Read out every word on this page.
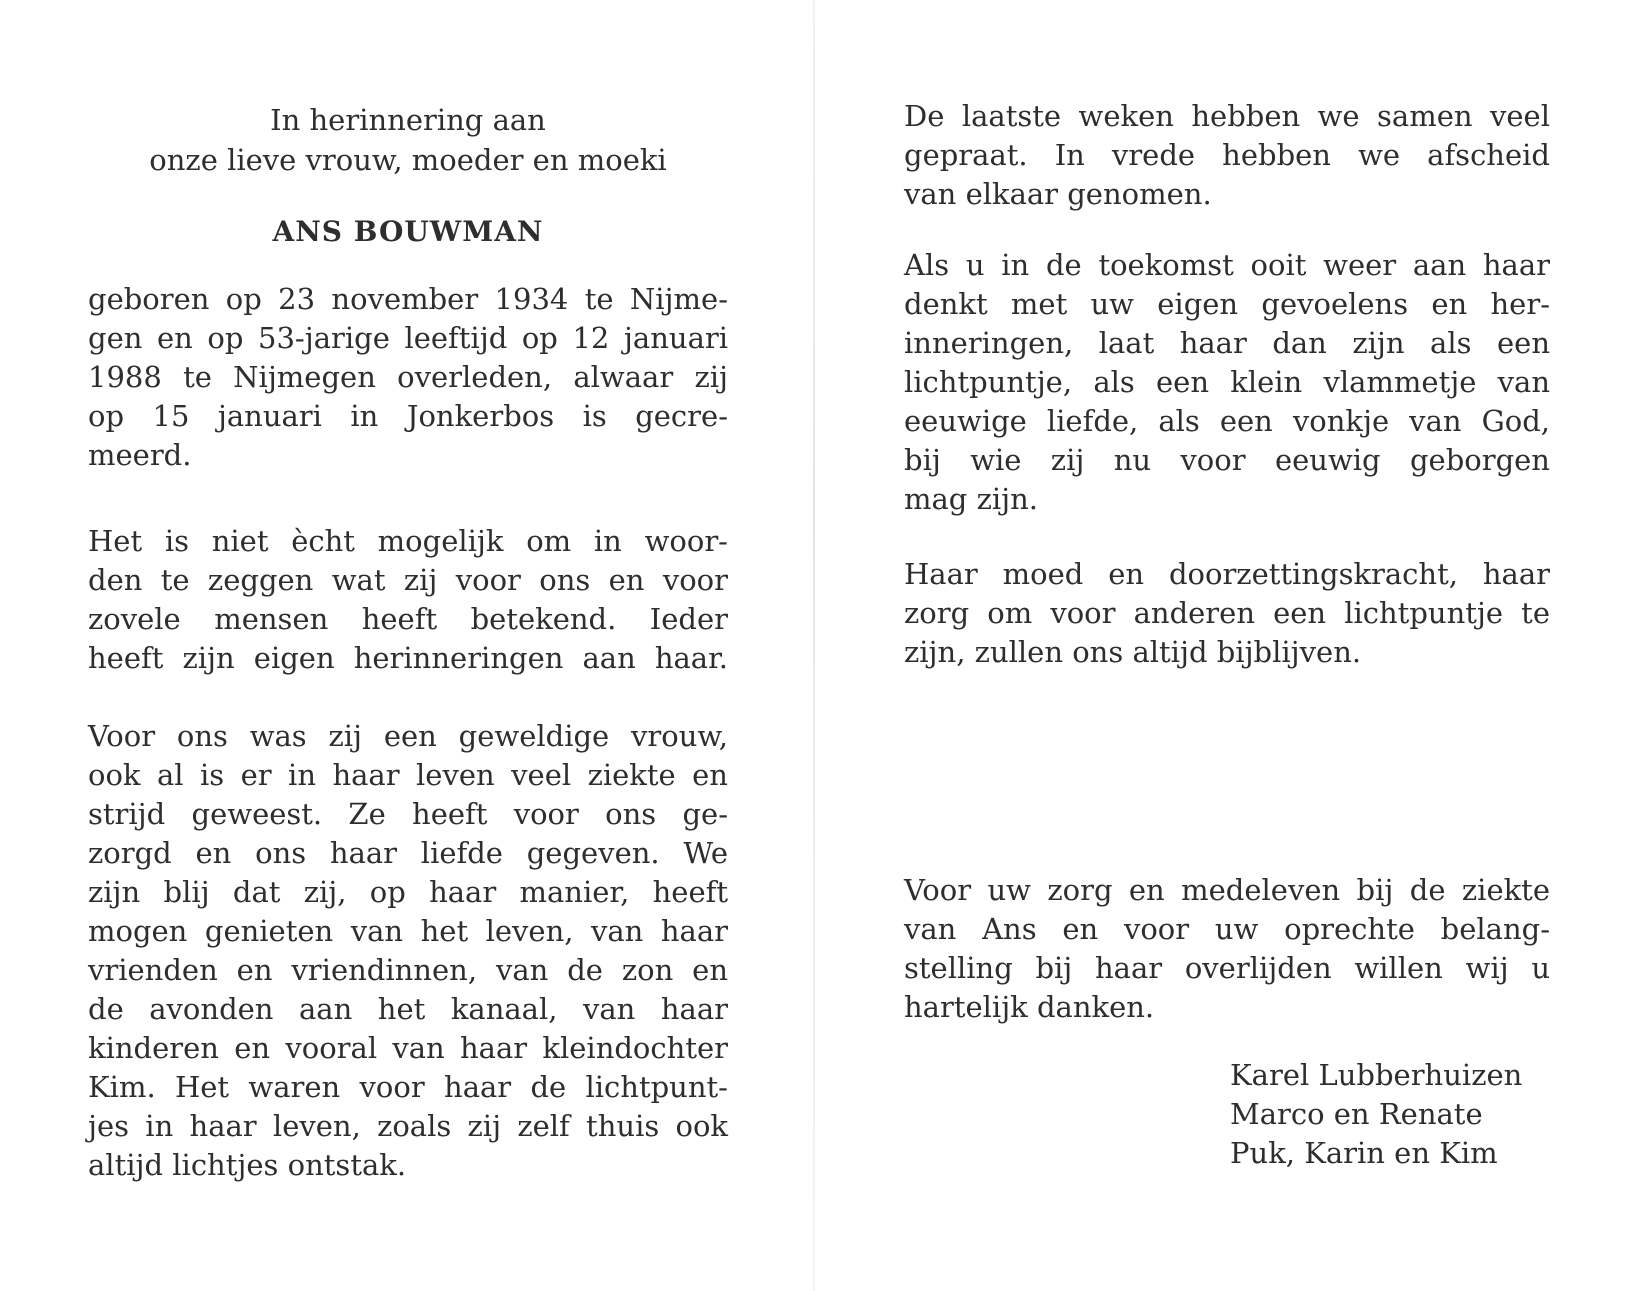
In herinnering aan
onze lieve vrouw, moeder en moeki
ANS BOUWMAN
geboren op 23 november 1934 te Nijme-
gen en op 53-jarige leeftijd op 12 januari
1988 te Nijmegen overleden, alwaar zij
op 15 januari in Jonkerbos is gecre-
meerd.
Het is niet ècht mogelijk om in woor-
den te zeggen wat zij voor ons en voor
zovele mensen heeft betekend. Ieder
heeft zijn eigen herinneringen aan haar.
Voor ons was zij een geweldige vrouw,
ook al is er in haar leven veel ziekte en
strijd geweest. Ze heeft voor ons ge-
zorgd en ons haar liefde gegeven. We
zijn blij dat zij, op haar manier, heeft
mogen genieten van het leven, van haar
vrienden en vriendinnen, van de zon en
de avonden aan het kanaal, van haar
kinderen en vooral van haar kleindochter
Kim. Het waren voor haar de lichtpunt-
jes in haar leven, zoals zij zelf thuis ook
altijd lichtjes ontstak.
De laatste weken hebben we samen veel
gepraat. In vrede hebben we afscheid
van elkaar genomen.
Als u in de toekomst ooit weer aan haar
denkt met uw eigen gevoelens en her-
inneringen, laat haar dan zijn als een
lichtpuntje, als een klein vlammetje van
eeuwige liefde, als een vonkje van God,
bij wie zij nu voor eeuwig geborgen
mag zijn.
Haar moed en doorzettingskracht, haar
zorg om voor anderen een lichtpuntje te
zijn, zullen ons altijd bijblijven.
Voor uw zorg en medeleven bij de ziekte
van Ans en voor uw oprechte belang-
stelling bij haar overlijden willen wij u
hartelijk danken.
Karel Lubberhuizen
Marco en Renate
Puk, Karin en Kim
